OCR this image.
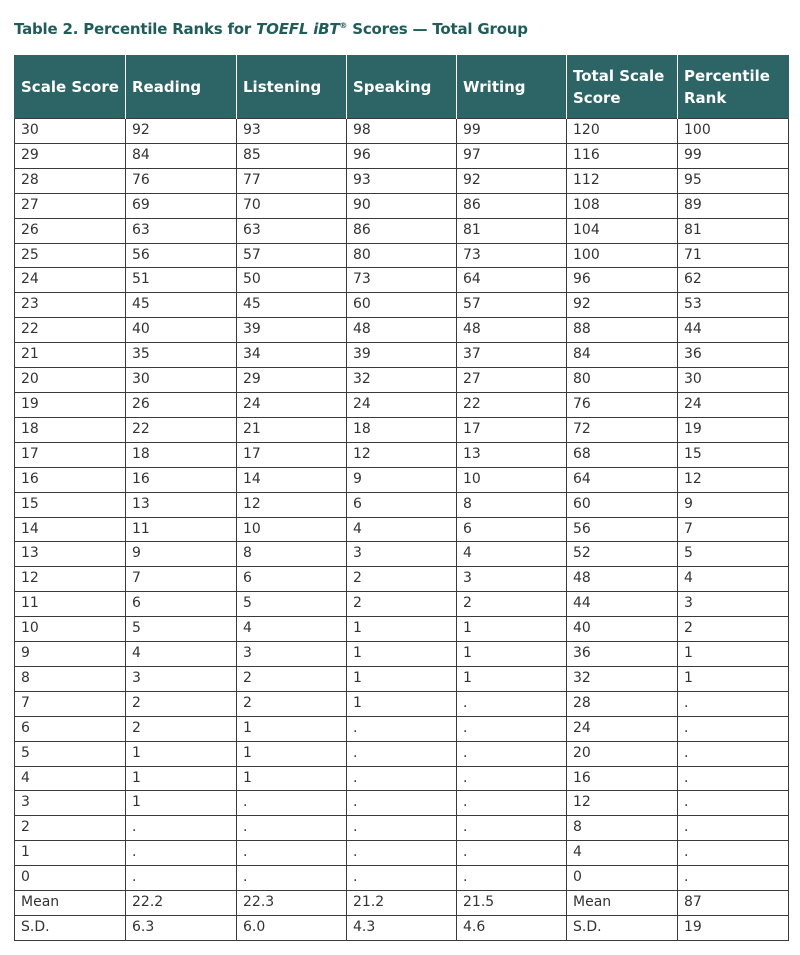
Table 2. Percentile Ranks for TOEFL iBT® Scores — Total Group
Scale Score	Reading	Listening	Speaking	Writing	Total Scale Score	Percentile Rank
30	92	93	98	99	120	100
29	84	85	96	97	116	99
28	76	77	93	92	112	95
27	69	70	90	86	108	89
26	63	63	86	81	104	81
25	56	57	80	73	100	71
24	51	50	73	64	96	62
23	45	45	60	57	92	53
22	40	39	48	48	88	44
21	35	34	39	37	84	36
20	30	29	32	27	80	30
19	26	24	24	22	76	24
18	22	21	18	17	72	19
17	18	17	12	13	68	15
16	16	14	9	10	64	12
15	13	12	6	8	60	9
14	11	10	4	6	56	7
13	9	8	3	4	52	5
12	7	6	2	3	48	4
11	6	5	2	2	44	3
10	5	4	1	1	40	2
9	4	3	1	1	36	1
8	3	2	1	1	32	1
7	2	2	1	.	28	.
6	2	1	.	.	24	.
5	1	1	.	.	20	.
4	1	1	.	.	16	.
3	1	.	.	.	12	.
2	.	.	.	.	8	.
1	.	.	.	.	4	.
0	.	.	.	.	0	.
Mean	22.2	22.3	21.2	21.5	Mean	87
S.D.	6.3	6.0	4.3	4.6	S.D.	19
